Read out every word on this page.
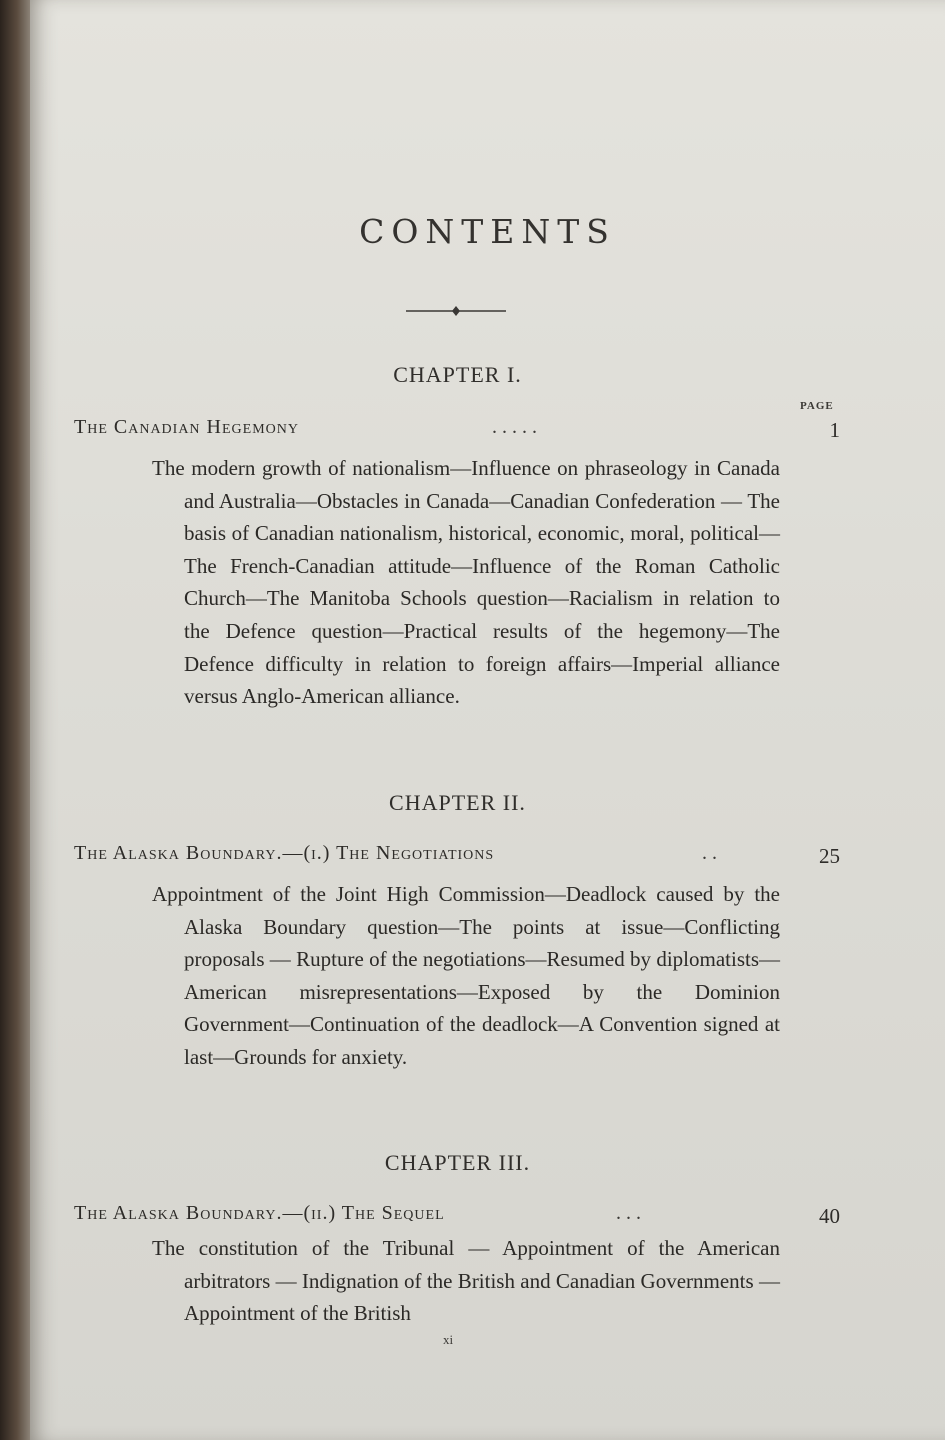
CONTENTS
CHAPTER I.
PAGE
The Canadian Hegemony	. . . . .	1
The modern growth of nationalism—Influence on phraseology in Canada and Australia—Obstacles in Canada—Canadian Confederation — The basis of Canadian nationalism, historical, economic, moral, political—The French-Canadian attitude—Influence of the Roman Catholic Church—The Manitoba Schools question—Racialism in relation to the Defence question—Practical results of the hegemony—The Defence difficulty in relation to foreign affairs—Imperial alliance versus Anglo-American alliance.
CHAPTER II.
The Alaska Boundary.—(i.) The Negotiations	. .	25
Appointment of the Joint High Commission—Deadlock caused by the Alaska Boundary question—The points at issue—Conflicting proposals — Rupture of the negotiations—Resumed by diplomatists—American misrepresentations—Exposed by the Dominion Government—Continuation of the deadlock—A Convention signed at last—Grounds for anxiety.
CHAPTER III.
The Alaska Boundary.—(ii.) The Sequel	. . .	40
The constitution of the Tribunal — Appointment of the American arbitrators — Indignation of the British and Canadian Governments — Appointment of the British
xi
